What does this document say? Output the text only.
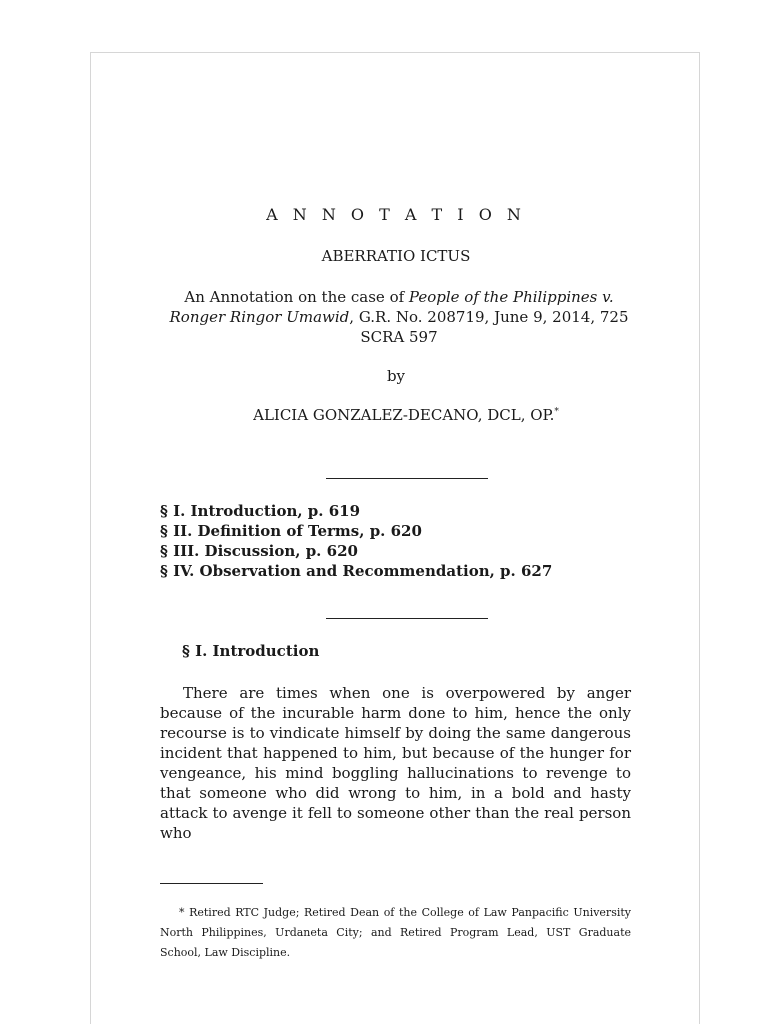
A N N O T A T I O N
ABERRATIO ICTUS
An Annotation on the case of People of the Philippines v. Ronger Ringor Umawid, G.R. No. 208719, June 9, 2014, 725 SCRA 597
by
ALICIA GONZALEZ-DECANO, DCL, OP.*
§ I. Introduction, p. 619
§ II. Definition of Terms, p. 620
§ III. Discussion, p. 620
§ IV. Observation and Recommendation, p. 627
§ I. Introduction

There are times when one is overpowered by anger because of the incurable harm done to him, hence the only recourse is to vindicate himself by doing the same dangerous incident that happened to him, but because of the hunger for vengeance, his mind boggling hallucinations to revenge to that someone who did wrong to him, in a bold and hasty attack to avenge it fell to someone other than the real person who

* Retired RTC Judge; Retired Dean of the College of Law Panpacific University North Philippines, Urdaneta City; and Retired Program Lead, UST Graduate School, Law Discipline.
